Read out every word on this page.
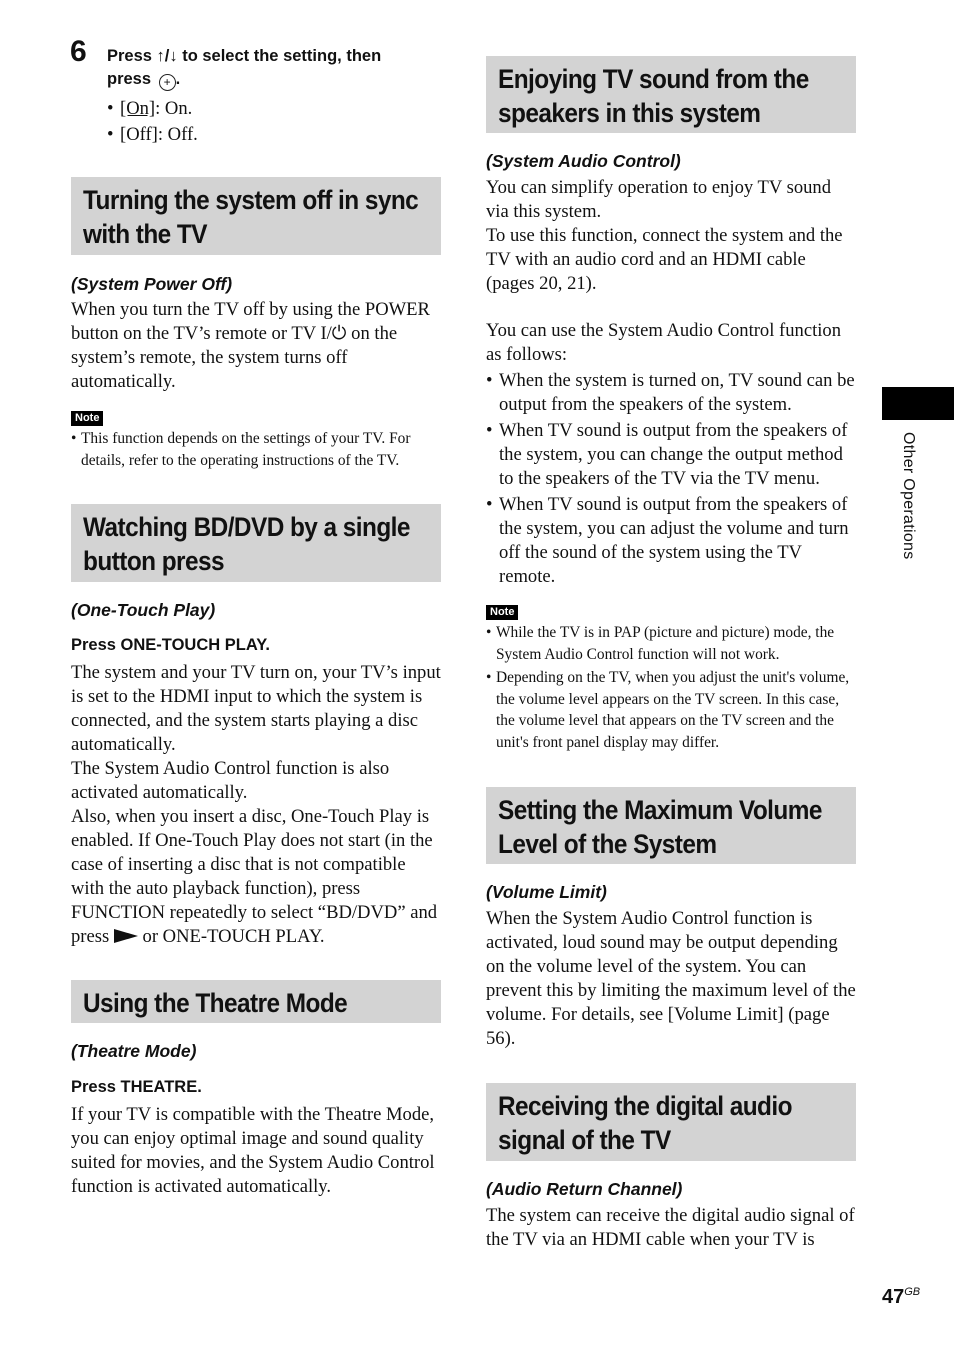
6 Press ↑/↓ to select the setting, then
press + .

• [On]: On.
• [Off]: Off.
Turning the system off in sync
with the TV

(System Power Off)

When you turn the TV off by using the POWER button on the TV’s remote or TV I/⏻ on the system’s remote, the system turns off automatically.

Note
• This function depends on the settings of your TV. For details, refer to the operating instructions of the TV.
Watching BD/DVD by a single
button press

(One-Touch Play)

Press ONE-TOUCH PLAY.

The system and your TV turn on, your TV’s input is set to the HDMI input to which the system is connected, and the system starts playing a disc automatically.

The System Audio Control function is also activated automatically.

Also, when you insert a disc, One-Touch Play is enabled. If One-Touch Play does not start (in the case of inserting a disc that is not compatible with the auto playback function), press FUNCTION repeatedly to select “BD/DVD” and press or ONE-TOUCH PLAY.

Using the Theatre Mode

(Theatre Mode)

Press THEATRE.

If your TV is compatible with the Theatre Mode, you can enjoy optimal image and sound quality suited for movies, and the System Audio Control function is activated automatically.

Enjoying TV sound from the
speakers in this system

(System Audio Control)

You can simplify operation to enjoy TV sound via this system.

To use this function, connect the system and the TV with an audio cord and an HDMI cable (pages 20, 21).

You can use the System Audio Control function as follows:

• When the system is turned on, TV sound can be output from the speakers of the system.
• When TV sound is output from the speakers of the system, you can change the output method to the speakers of the TV via the TV menu.
• When TV sound is output from the speakers of the system, you can adjust the volume and turn off the sound of the system using the TV remote.
Note
• While the TV is in PAP (picture and picture) mode, the System Audio Control function will not work.
• Depending on the TV, when you adjust the unit's volume, the volume level appears on the TV screen. In this case, the volume level that appears on the TV screen and the unit's front panel display may differ.
Setting the Maximum Volume
Level of the System

(Volume Limit)

When the System Audio Control function is activated, loud sound may be output depending on the volume level of the system. You can prevent this by limiting the maximum level of the volume. For details, see [Volume Limit] (page 56).

Receiving the digital audio
signal of the TV

(Audio Return Channel)

The system can receive the digital audio signal of the TV via an HDMI cable when your TV is

Other Operations
$47^{GB}$
